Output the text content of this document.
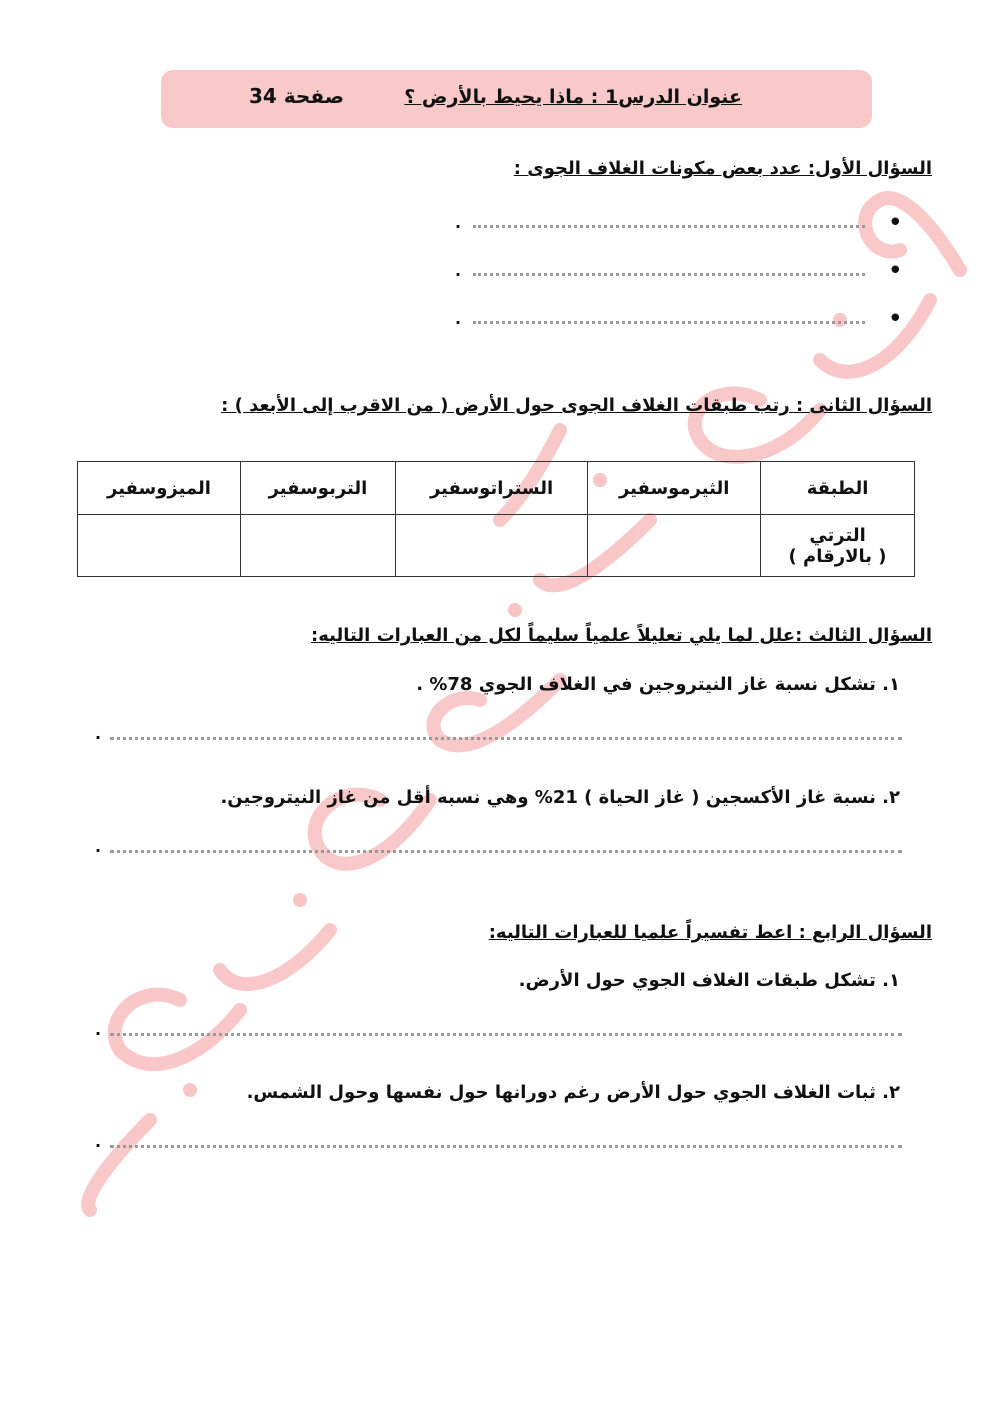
عنوان الدرس1 : ماذا يحيط بالأرض ؟
صفحة 34
السؤال الأول: عدد بعض مكونات الغلاف الجوى :
•
.
•
.
•
.
السؤال الثانى : رتب طبقات الغلاف الجوى حول الأرض ( من الاقرب إلى الأبعد ) :
الطبقة	الثيرموسفير	الستراتوسفير	التربوسفير	الميزوسفير

الترتي
( بالارقام )				

السؤال الثالث :علل لما يلي تعليلاً علمياً سليماً لكل من العبارات التاليه:
١. تشكل نسبة غاز النيتروجين في الغلاف الجوي 78% .
.
٢. نسبة غاز الأكسجين ( غاز الحياة ) 21% وهي نسبه أقل من غاز النيتروجين.
.
السؤال الرابع : اعط تفسيراً علميا للعبارات التاليه:
١. تشكل طبقات الغلاف الجوي حول الأرض.
.
٢. ثبات الغلاف الجوي حول الأرض رغم دورانها حول نفسها وحول الشمس.
.
